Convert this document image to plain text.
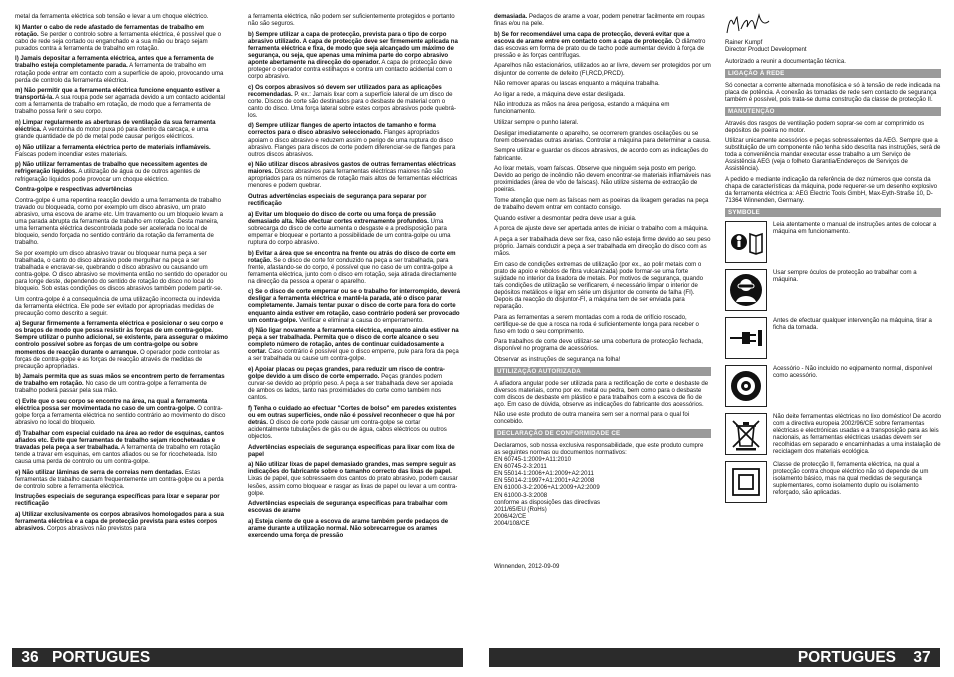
metal da ferramenta eléctrica sob tensão e levar a um choque eléctrico.

k) Manter o cabo de rede afastado de ferramentas de trabalho em rotação. Se perder o controlo sobre a ferramenta eléctrica, é possível que o cabo de rede seja cortado ou enganchado e a sua mão ou braço sejam puxados contra a ferramenta de trabalho em rotação.

l) Jamais depositar a ferramenta eléctrica, antes que a ferramenta de trabalho esteja completamente parada. A ferramenta de trabalho em rotação pode entrar em contacto com a superfície de apoio, provocando uma perda de controlo da ferramenta eléctrica.

m) Não permitir que a ferramenta eléctrica funcione enquanto estiver a transportá-la. A sua roupa pode ser agarrada devido a um contacto acidental com a ferramenta de trabalho em rotação, de modo que a ferramenta de trabalho possa ferir o seu corpo.

n) Limpar regularmente as aberturas de ventilação da sua ferramenta eléctrica. A ventoinha do motor puxa pó para dentro da carcaça, e uma grande quantidade de pó de metal pode causar perigos eléctricos.

o) Não utilizar a ferramenta eléctrica perto de materiais inflamáveis. Faíscas podem incendiar estes materiais.

p) Não utilizar ferramentas de trabalho que necessitem agentes de refrigeração líquidos. A utilização de água ou de outros agentes de refrigeração líquidos pode provocar um choque eléctrico.

Contra-golpe e respectivas advertências

Contra-golpe é uma repentina reacção devido a uma ferramenta de trabalho travado ou bloqueada, como por exemplo um disco abrasivo, um prato abrasivo, uma escova de arame etc. Um travamento ou um bloqueio levam a uma parada abrupta da ferramenta de trabalho em rotação. Desta maneira, uma ferramenta eléctrica descontrolada pode ser acelerada no local de bloqueio, sendo forçada no sentido contrário da rotação da ferramenta de trabalho.

Se por exemplo um disco abrasivo travar ou bloquear numa peça a ser trabalhada, o canto do disco abrasivo pode mergulhar na peça a ser trabalhada e encravar-se, quebrando o disco abrasivo ou causando um contra-golpe. O disco abrasivo se movimenta então no sentido do operador ou para longe deste, dependendo do sentido de rotação do disco no local do bloqueio. Sob estas condições os discos abrasivos também podem partir-se.

Um contra-golpe é a consequência de uma utilização incorrecta ou indevida da ferramenta eléctrica. Ele pode ser evitado por apropriadas medidas de precaução como descrito a seguir.

a) Segurar firmemente a ferramenta eléctrica e posicionar o seu corpo e os braços de modo que possa resistir às forças de um contra-golpe. Sempre utilizar o punho adicional, se existente, para assegurar o máximo controlo possível sobre as forças de um contra-golpe ou sobre momentos de reacção durante o arranque. O operador pode controlar as forças de contra-golpe e as forças de reacção através de medidas de precaução apropriadas.

b) Jamais permita que as suas mãos se encontrem perto de ferramentas de trabalho em rotação. No caso de um contra-golpe a ferramenta de trabalho poderá passar pela sua mão.

c) Evite que o seu corpo se encontre na área, na qual a ferramenta eléctrica possa ser movimentada no caso de um contra-golpe. O contra-golpe força a ferramenta eléctrica no sentido contrário ao movimento do disco abrasivo no local do bloqueio.

d) Trabalhar com especial cuidado na área ao redor de esquinas, cantos afiados etc. Evite que ferramentas de trabalho sejam ricocheteadas e travadas pela peça a ser trabalhada. A ferramenta de trabalho em rotação tende a travar em esquinas, em cantos afiados ou se for ricocheteada. Isto causa uma perda de controlo ou um contra-golpe.

e) Não utilizar lâminas de serra de correias nem dentadas. Estas ferramentas de trabalho causam frequentemente um contra-golpe ou a perda de controlo sobre a ferramenta eléctrica.

Instruções especiais de segurança específicas para lixar e separar por rectificação

a) Utilizar exclusivamente os corpos abrasivos homologados para a sua ferramenta eléctrica e a capa de protecção prevista para estes corpos abrasivos. Corpos abrasivos não previstos para

a ferramenta eléctrica, não podem ser suficientemente protegidos e portanto não são seguros.

b) Sempre utilizar a capa de protecção, prevista para o tipo de corpo abrasivo utilizado. A capa de protecção deve ser firmemente aplicada na ferramenta eléctrica e fixa, de modo que seja alcançado um máximo de segurança, ou seja, que apenas uma mínima parte do corpo abrasivo aponte abertamente na direcção do operador. A capa de protecção deve proteger o operador contra estilhaços e contra um contacto acidental com o corpo abrasivo.

c) Os corpos abrasivos só devem ser utilizados para as aplicações recomendadas. P. ex.: Jamais lixar com a superfície lateral de um disco de corte. Discos de corte são destinados para o desbaste de material com o canto do disco. Uma força lateral sobre estes corpos abrasivos pode quebrá-los.

d) Sempre utilizar flanges de aperto intactos de tamanho e forma correctos para o disco abrasivo seleccionado. Flanges apropriados apoiam o disco abrasivo e reduzem assim o perigo de uma ruptura do disco abrasivo. Flanges para discos de corte podem diferenciar-se de flanges para outros discos abrasivos.

e) Não utilizar discos abrasivos gastos de outras ferramentas eléctricas maiores. Discos abrasivos para ferramentas eléctricas maiores não são apropriados para os números de rotação mais altos de ferramentas eléctricas menores e podem quebrar.

Outras advertências especiais de segurança para separar por rectificação

a) Evitar um bloqueio do disco de corte ou uma força de pressão demasiado alta. Não efectuar cortes extremamente profundos. Uma sobrecarga do disco de corte aumenta o desgaste e a predisposição para emperrar e bloquear e portanto a possibilidade de um contra-golpe ou uma ruptura do corpo abrasivo.

b) Evitar a área que se encontra na frente ou atrás do disco de corte em rotação. Se o disco de corte for conduzido na peça a ser trabalhada, para frente, afastando-se do corpo, é possível que no caso de um contra-golpe a ferramenta eléctrica, junto com o disco em rotação, seja atirada directamente na direcção da pessoa a operar o aparelho.

c) Se o disco de corte emperrar ou se o trabalho for interrompido, deverá desligar a ferramenta eléctrica e mantê-la parada, até o disco parar completamente. Jamais tentar puxar o disco de corte para fora do corte enquanto ainda estiver em rotação, caso contrário poderá ser provocado um contra-golpe. Verificar e eliminar a causa do emperramento.

d) Não ligar novamente a ferramenta eléctrica, enquanto ainda estiver na peça a ser trabalhada. Permita que o disco de corte alcance o seu completo número de rotação, antes de continuar cuidadosamente a cortar. Caso contrário é possível que o disco emperre, pule para fora da peça a ser trabalhada ou cause um contra-golpe.

e) Apoiar placas ou peças grandes, para reduzir um risco de contra-golpe devido a um disco de corte emperrado. Peças grandes podem curvar-se devido ao próprio peso. A peça a ser trabalhada deve ser apoiada de ambos os lados, tanto nas proximidades do corte como também nos cantos.

f) Tenha o cuidado ao efectuar "Cortes de bolso" em paredes existentes ou em outras superfícies, onde não é possível reconhecer o que há por detrás. O disco de corte pode causar um contra-golpe se cortar acidentalmente tubulações de gás ou de água, cabos eléctricos ou outros objectos.

Advertências especiais de segurança específicas para lixar com lixa de papel

a) Não utilizar lixas de papel demasiado grandes, mas sempre seguir as indicações do fabricante sobre o tamanho correcto das lixas de papel. Lixas de papel, que sobressaem dos cantos do prato abrasivo, podem causar lesões, assim como bloquear e rasgar as lixas de papel ou levar a um contra-golpe.

Advertências especiais de segurança específicas para trabalhar com escovas de arame

a) Esteja ciente de que a escova de arame também perde pedaços de arame durante a utilização normal. Não sobrecarregue os arames exercendo uma força de pressão

36 PORTUGUES

demasiada. Pedaços de arame a voar, podem penetrar facilmente em roupas finas e/ou na pele.

b) Se for recomendável uma capa de protecção, deverá evitar que a escova de arame entre em contacto com a capa de protecção. O diâmetro das escovas em forma de prato ou de tacho pode aumentar devido à força de pressão e às forças centrífugas.

Aparelhos não estacionários, utilizados ao ar livre, devem ser protegidos por um disjuntor de corrente de defeito (FI,RCD,PRCD).

Não remover aparas ou lascas enquanto a máquina trabalha.

Ao ligar a rede, a máquina deve estar desligada.

Não introduza as mãos na área perigosa, estando a máquina em funcionamento.

Utilizar sempre o punho lateral.

Desligar imediatamente o aparelho, se ocorrerem grandes oscilações ou se forem observadas outras avarias. Controlar a máquina para determinar a causa.

Sempre utilizar e guardar os discos abrasivos, de acordo com as indicações do fabricante.

Ao lixar metais, voam faíscas. Observe que ninguém seja posto em perigo. Devido ao perigo de incêndio não devem encontrar-se materiais inflamáveis nas proximidades (área de vôo de faíscas). Não utilize sistema de extracção de poeiras.

Tome atenção que nem as faíscas nem as poeiras da lixagem geradas na peça de trabalho devem entrar em contacto consigo.

Quando estiver a desmontar pedra deve usar a guia.

A porca de ajuste deve ser apertada antes de iniciar o trabalho com a máquina.

A peça a ser trabalhada deve ser fixa, caso não esteja firme devido ao seu peso próprio. Jamais conduzir a peça a ser trabalhada em direcção do disco com as mãos.

Em caso de condições extremas de utilização (por ex., ao polir metais com o prato de apoio e rebolos de fibra vulcanizada) pode formar-se uma forte sujidade no interior da lixadora de metais. Por motivos de segurança, quando tais condições de utilização se verificarem, é necessário limpar o interior de depósitos metálicos e ligar em série um disjuntor de corrente de falha (FI). Depois da reacção do disjuntor-FI, a máquina tem de ser enviada para reparação.

Para as ferramentas a serem montadas com a roda de orifício roscado, certifique-se de que a rosca na roda é suficientemente longa para receber o fuso em todo o seu comprimento.

Para trabalhos de corte deve utilizar-se uma cobertura de protecção fechada, disponível no programa de acessórios.

Observar as instruções de segurança na folha!

UTILIZAÇÃO AUTORIZADA

A afiadora angular pode ser utilizada para a rectificação de corte e desbaste de diversos materiais, como por ex. metal ou pedra, bem como para o desbaste com discos de desbaste em plástico e para trabalhos com a escova de fio de aço. Em caso de dúvida, observe as indicações do fabricante dos acessórios.

Não use este produto de outra maneira sem ser a normal para o qual foi concebido.

DECLARAÇÃO DE CONFORMIDADE CE
Declaramos, sob nossa exclusiva responsabilidade, que este produto cumpre as seguintes normas ou documentos normativos:
EN 60745-1:2009+A11:2010
EN 60745-2-3:2011
EN 55014-1:2006+A1:2009+A2:2011
EN 55014-2:1997+A1:2001+A2:2008
EN 61000-3-2:2006+A1:2009+A2:2009
EN 61000-3-3:2008
conforme as disposições das directivas
2011/65/EU (RoHs)
2006/42/CE
2004/108/CE

Winnenden, 2012-09-09

Rainer Kumpf
Director Product Development

Autorizado a reunir a documentação técnica.

LIGAÇÃO À REDE

Só conectar a corrente alternada monofásica e só à tensão de rede indicada na placa de potência. A conexão às tomadas de rede sem contacto de segurança também é possível, pois trata-se duma construção da classe de protecção II.

MANUTENÇÃO

Através dos rasgos de ventilação podem soprar-se com ar comprimido os depósitos de poeira no motor.

Utilizar unicamente acessórios e peças sobressalentes da AEG. Sempre que a substituição de um componente não tenha sido descrita nas instruções, será de toda a conveniência mandar executar esse trabalho a um Serviço de Assistência AEG (veja o folheto Garantia/Endereços de Serviços de Assistência).

A pedido e mediante indicação da referência de dez números que consta da chapa de características da máquina, pode requerer-se um desenho explosivo da ferramenta eléctrica a: AEG Electric Tools GmbH, Max-Eyth-Straße 10, D-71364 Winnenden, Germany.

SYMBOLE
Leia atentamente o manual de instruções antes de colocar a máquina em funcionamento.
Usar sempre óculos de protecção ao trabalhar com a máquina.
Antes de efectuar qualquer intervenção na máquina, tirar a ficha da tomada.
Acessório - Não incluído no eqipamento normal, disponível como acessório.
Não deite ferramentas eléctricas no lixo doméstico! De acordo com a directiva europeia 2002/96/CE sobre ferramentas eléctricas e electrónicas usadas e a transposição para as leis nacionais, as ferramentas eléctricas usadas devem ser recolhidas em separado e encaminhadas a uma instalação de reciclagem dos materiais ecológica.
Classe de protecção II, ferramenta eléctrica, na qual a protecção contra choque eléctrico não só depende de um isolamento básico, mas na qual medidas de segurança suplementares, como isolamento duplo ou isolamento reforçado, são aplicadas.
PORTUGUES 37
